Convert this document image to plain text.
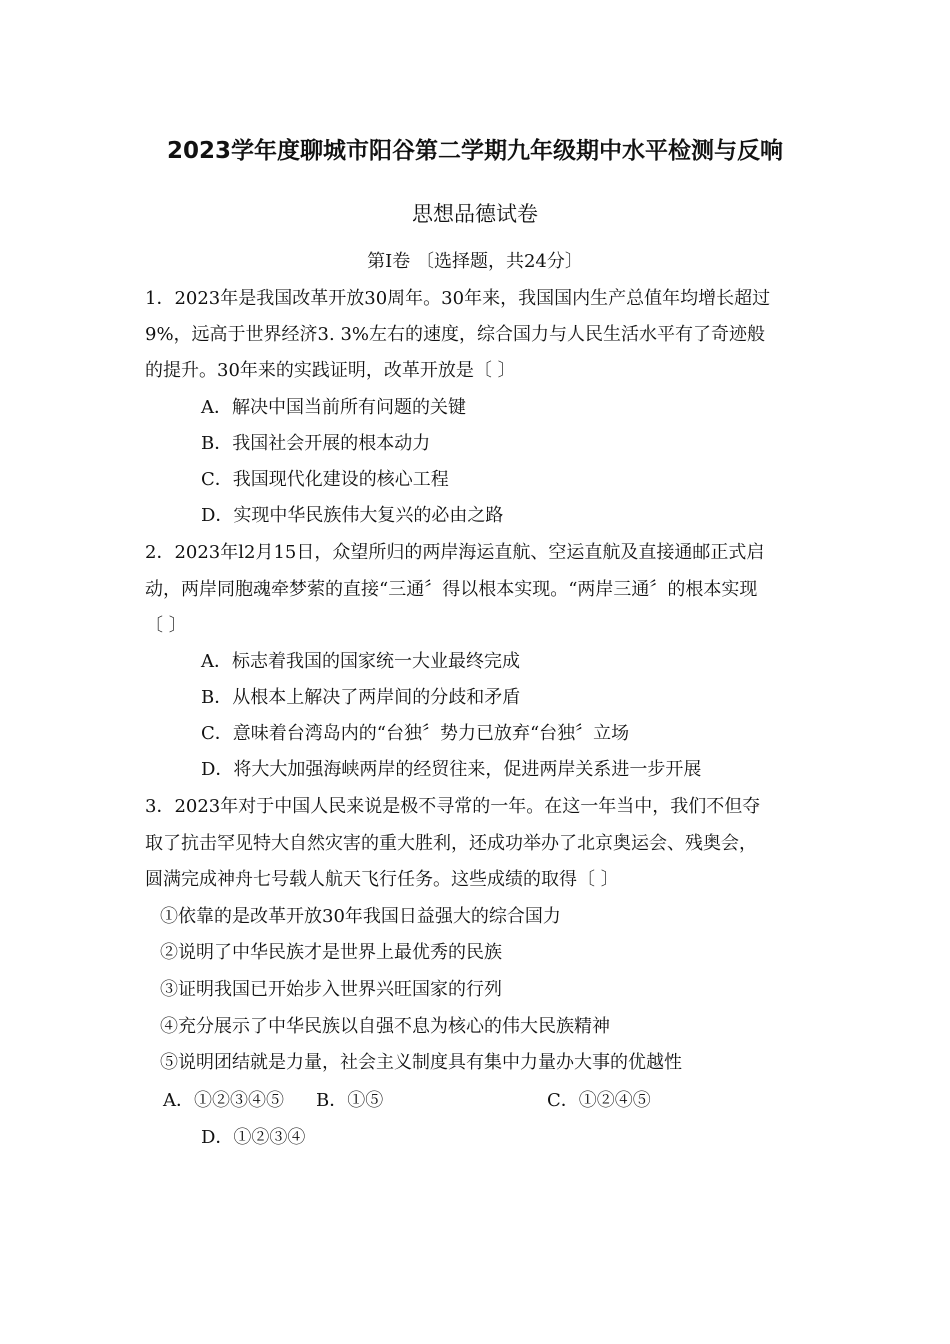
2023学年度聊城市阳谷第二学期九年级期中水平检测与反响
思想品德试卷
第I卷 〔选择题，共24分〕
1．2023年是我国改革开放30周年。30年来，我国国内生产总值年均增长超过
9%，远高于世界经济3. 3%左右的速度，综合国力与人民生活水平有了奇迹般
的提升。30年来的实践证明，改革开放是〔 〕
A．解决中国当前所有问题的关键
B．我国社会开展的根本动力
C．我国现代化建设的核心工程
D．实现中华民族伟大复兴的必由之路
2．2023年l2月15日，众望所归的两岸海运直航、空运直航及直接通邮正式启
动，两岸同胞魂牵梦萦的直接“三通〞得以根本实现。“两岸三通〞的根本实现
〔 〕
A．标志着我国的国家统一大业最终完成
B．从根本上解决了两岸间的分歧和矛盾
C．意味着台湾岛内的“台独〞势力已放弃“台独〞立场
D．将大大加强海峡两岸的经贸往来，促进两岸关系进一步开展
3．2023年对于中国人民来说是极不寻常的一年。在这一年当中，我们不但夺
取了抗击罕见特大自然灾害的重大胜利，还成功举办了北京奥运会、残奥会，
圆满完成神舟七号载人航天飞行任务。这些成绩的取得〔 〕
①依靠的是改革开放30年我国日益强大的综合国力
②说明了中华民族才是世界上最优秀的民族
③证明我国已开始步入世界兴旺国家的行列
④充分展示了中华民族以自强不息为核心的伟大民族精神
⑤说明团结就是力量，社会主义制度具有集中力量办大事的优越性
A．①②③④⑤ B．①⑤	C．①②④⑤
D．①②③④
